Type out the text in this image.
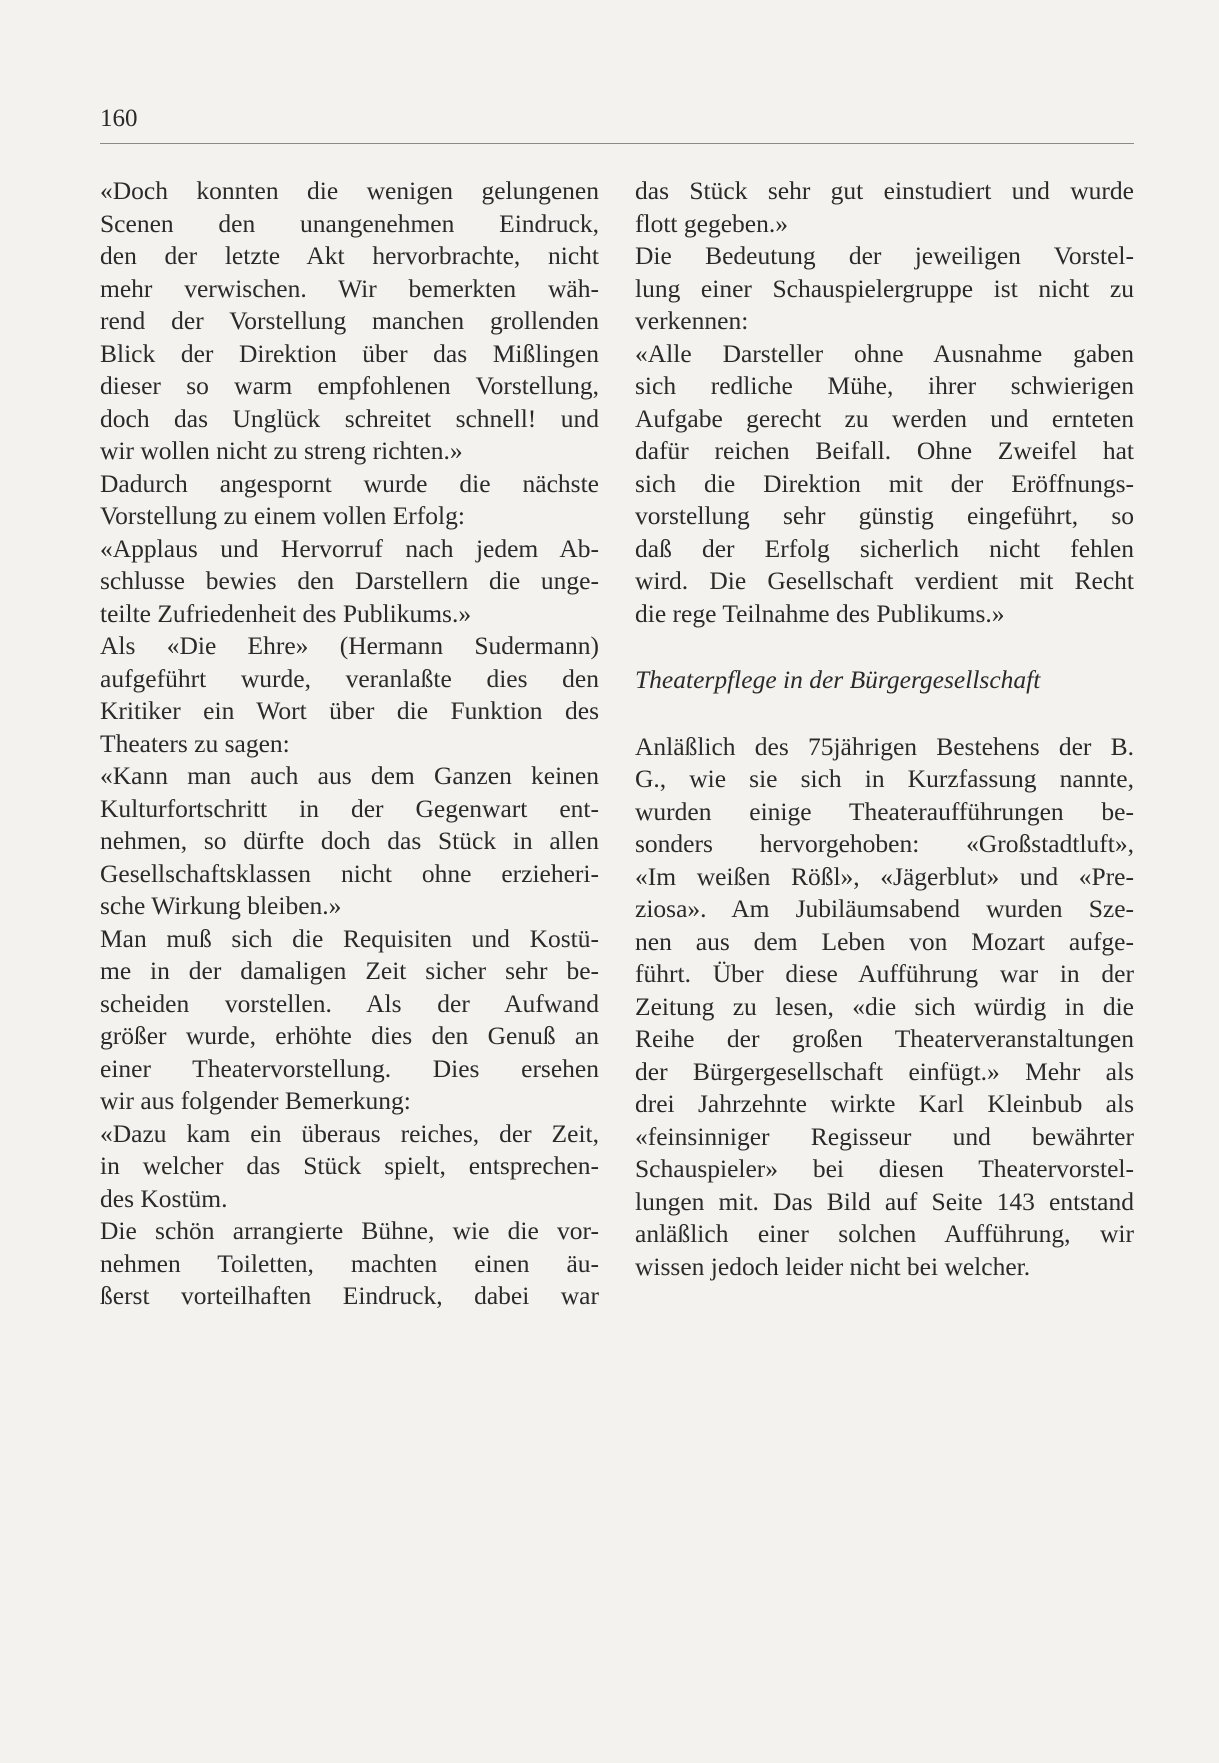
160
«Doch konnten die wenigen gelungenen
Scenen den unangenehmen Eindruck,
den der letzte Akt hervorbrachte, nicht
mehr verwischen. Wir bemerkten wäh-
rend der Vorstellung manchen grollenden
Blick der Direktion über das Mißlingen
dieser so warm empfohlenen Vorstellung,
doch das Unglück schreitet schnell! und
wir wollen nicht zu streng richten.»
Dadurch angespornt wurde die nächste
Vorstellung zu einem vollen Erfolg:
«Applaus und Hervorruf nach jedem Ab-
schlusse bewies den Darstellern die unge-
teilte Zufriedenheit des Publikums.»
Als «Die Ehre» (Hermann Sudermann)
aufgeführt wurde, veranlaßte dies den
Kritiker ein Wort über die Funktion des
Theaters zu sagen:
«Kann man auch aus dem Ganzen keinen
Kulturfortschritt in der Gegenwart ent-
nehmen, so dürfte doch das Stück in allen
Gesellschaftsklassen nicht ohne erzieheri-
sche Wirkung bleiben.»
Man muß sich die Requisiten und Kostü-
me in der damaligen Zeit sicher sehr be-
scheiden vorstellen. Als der Aufwand
größer wurde, erhöhte dies den Genuß an
einer Theatervorstellung. Dies ersehen
wir aus folgender Bemerkung:
«Dazu kam ein überaus reiches, der Zeit,
in welcher das Stück spielt, entsprechen-
des Kostüm.
Die schön arrangierte Bühne, wie die vor-
nehmen Toiletten, machten einen äu-
ßerst vorteilhaften Eindruck, dabei war
das Stück sehr gut einstudiert und wurde
flott gegeben.»
Die Bedeutung der jeweiligen Vorstel-
lung einer Schauspielergruppe ist nicht zu
verkennen:
«Alle Darsteller ohne Ausnahme gaben
sich redliche Mühe, ihrer schwierigen
Aufgabe gerecht zu werden und ernteten
dafür reichen Beifall. Ohne Zweifel hat
sich die Direktion mit der Eröffnungs-
vorstellung sehr günstig eingeführt, so
daß der Erfolg sicherlich nicht fehlen
wird. Die Gesellschaft verdient mit Recht
die rege Teilnahme des Publikums.»
Theaterpflege in der Bürgergesellschaft
Anläßlich des 75jährigen Bestehens der B.
G., wie sie sich in Kurzfassung nannte,
wurden einige Theateraufführungen be-
sonders hervorgehoben: «Großstadtluft»,
«Im weißen Rößl», «Jägerblut» und «Pre-
ziosa». Am Jubiläumsabend wurden Sze-
nen aus dem Leben von Mozart aufge-
führt. Über diese Aufführung war in der
Zeitung zu lesen, «die sich würdig in die
Reihe der großen Theaterveranstaltungen
der Bürgergesellschaft einfügt.» Mehr als
drei Jahrzehnte wirkte Karl Kleinbub als
«feinsinniger Regisseur und bewährter
Schauspieler» bei diesen Theatervorstel-
lungen mit. Das Bild auf Seite 143 entstand
anläßlich einer solchen Aufführung, wir
wissen jedoch leider nicht bei welcher.
